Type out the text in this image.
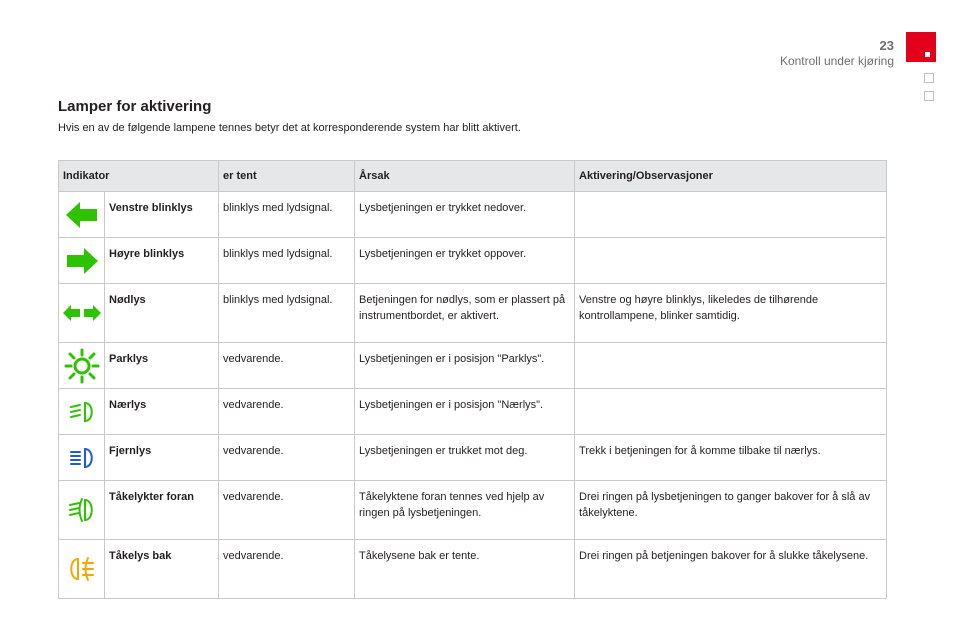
23
Kontroll under kjøring
Lamper for aktivering

Hvis en av de følgende lampene tennes betyr det at korresponderende system har blitt aktivert.

Indikator		er tent	Årsak	Aktivering/Observasjoner
	Venstre blinklys	blinklys med lydsignal.	Lysbetjeningen er trykket nedover.	
	Høyre blinklys	blinklys med lydsignal.	Lysbetjeningen er trykket oppover.	
	Nødlys	blinklys med lydsignal.	Betjeningen for nødlys, som er plassert på instrumentbordet, er aktivert.	Venstre og høyre blinklys, likeledes de tilhørende kontrollampene, blinker samtidig.
	Parklys	vedvarende.	Lysbetjeningen er i posisjon "Parklys".	
	Nærlys	vedvarende.	Lysbetjeningen er i posisjon "Nærlys".	
	Fjernlys	vedvarende.	Lysbetjeningen er trukket mot deg.	Trekk i betjeningen for å komme tilbake til nærlys.
	Tåkelykter foran	vedvarende.	Tåkelyktene foran tennes ved hjelp av ringen på lysbetjeningen.	Drei ringen på lysbetjeningen to ganger bakover for å slå av tåkelyktene.
	Tåkelys bak	vedvarende.	Tåkelysene bak er tente.	Drei ringen på betjeningen bakover for å slukke tåkelysene.
